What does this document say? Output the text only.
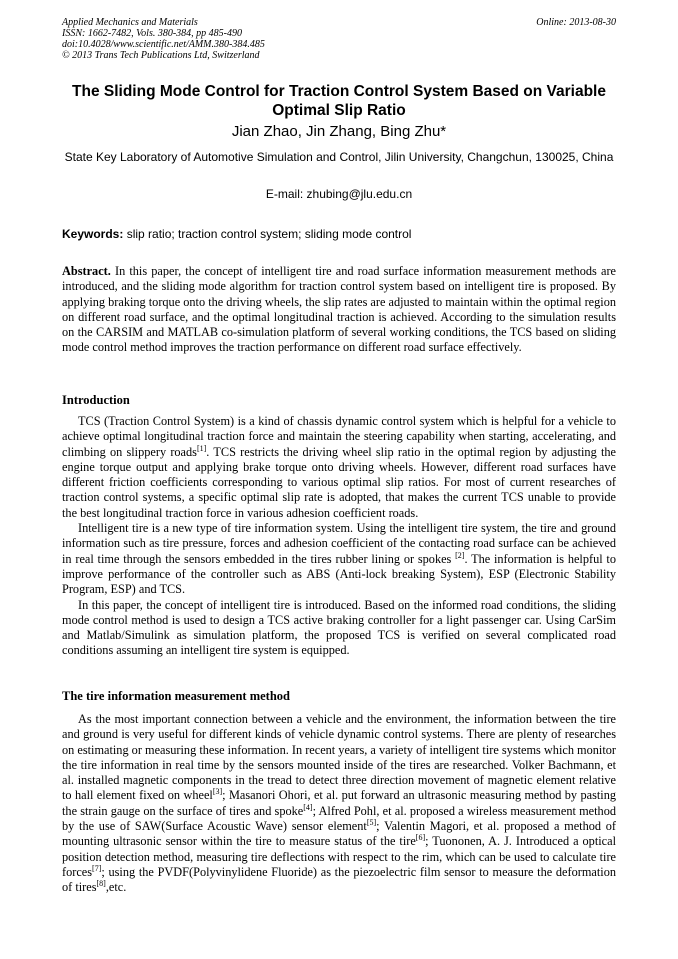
Applied Mechanics and Materials
ISSN: 1662-7482, Vols. 380-384, pp 485-490
doi:10.4028/www.scientific.net/AMM.380-384.485
© 2013 Trans Tech Publications Ltd, Switzerland
Online: 2013-08-30
The Sliding Mode Control for Traction Control System Based on Variable Optimal Slip Ratio
Jian Zhao, Jin Zhang, Bing Zhu*
State Key Laboratory of Automotive Simulation and Control, Jilin University, Changchun, 130025, China
E-mail: zhubing@jlu.edu.cn
Keywords: slip ratio; traction control system; sliding mode control
Abstract. In this paper, the concept of intelligent tire and road surface information measurement methods are introduced, and the sliding mode algorithm for traction control system based on intelligent tire is proposed. By applying braking torque onto the driving wheels, the slip rates are adjusted to maintain within the optimal region on different road surface, and the optimal longitudinal traction is achieved. According to the simulation results on the CARSIM and MATLAB co-simulation platform of several working conditions, the TCS based on sliding mode control method improves the traction performance on different road surface effectively.
Introduction

TCS (Traction Control System) is a kind of chassis dynamic control system which is helpful for a vehicle to achieve optimal longitudinal traction force and maintain the steering capability when starting, accelerating, and climbing on slippery roads[1]. TCS restricts the driving wheel slip ratio in the optimal region by adjusting the engine torque output and applying brake torque onto driving wheels. However, different road surfaces have different friction coefficients corresponding to various optimal slip ratios. For most of current researches of traction control systems, a specific optimal slip rate is adopted, that makes the current TCS unable to provide the best longitudinal traction force in various adhesion coefficient roads.

Intelligent tire is a new type of tire information system. Using the intelligent tire system, the tire and ground information such as tire pressure, forces and adhesion coefficient of the contacting road surface can be achieved in real time through the sensors embedded in the tires rubber lining or spokes [2]. The information is helpful to improve performance of the controller such as ABS (Anti-lock breaking System), ESP (Electronic Stability Program, ESP) and TCS.

In this paper, the concept of intelligent tire is introduced. Based on the informed road conditions, the sliding mode control method is used to design a TCS active braking controller for a light passenger car. Using CarSim and Matlab/Simulink as simulation platform, the proposed TCS is verified on several complicated road conditions assuming an intelligent tire system is equipped.

The tire information measurement method

As the most important connection between a vehicle and the environment, the information between the tire and ground is very useful for different kinds of vehicle dynamic control systems. There are plenty of researches on estimating or measuring these information. In recent years, a variety of intelligent tire systems which monitor the tire information in real time by the sensors mounted inside of the tires are researched. Volker Bachmann, et al. installed magnetic components in the tread to detect three direction movement of magnetic element relative to hall element fixed on wheel[3]; Masanori Ohori, et al. put forward an ultrasonic measuring method by pasting the strain gauge on the surface of tires and spoke[4]; Alfred Pohl, et al. proposed a wireless measurement method by the use of SAW(Surface Acoustic Wave) sensor element[5]; Valentin Magori, et al. proposed a method of mounting ultrasonic sensor within the tire to measure status of the tire[6]; Tuononen, A. J. Introduced a optical position detection method, measuring tire deflections with respect to the rim, which can be used to calculate tire forces[7]; using the PVDF(Polyvinylidene Fluoride) as the piezoelectric film sensor to measure the deformation of tires[8],etc.
